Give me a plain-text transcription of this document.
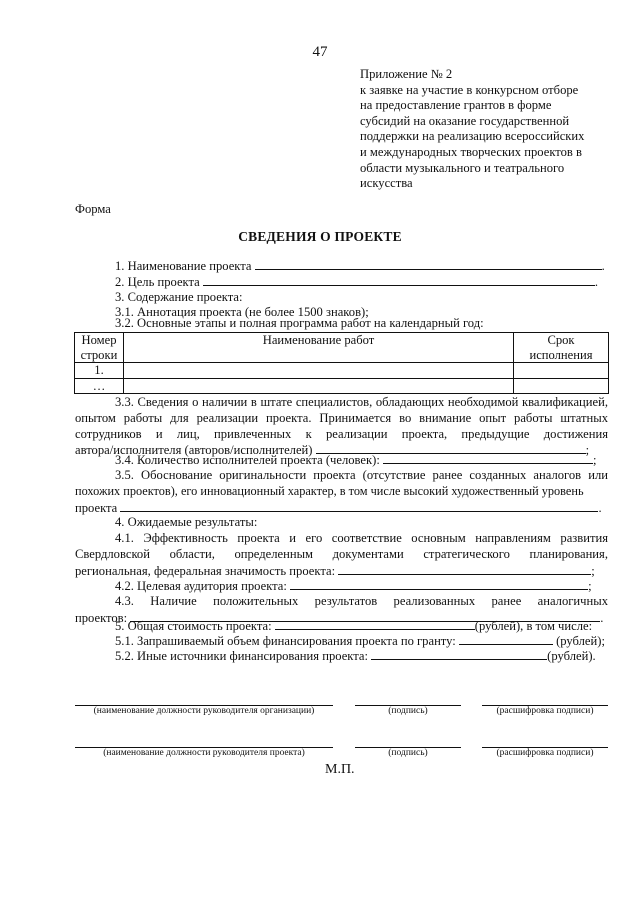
47
Приложение № 2
к заявке на участие в конкурсном отборе
на предоставление грантов в форме
субсидий на оказание государственной
поддержки на реализацию всероссийских
и международных творческих проектов в
области музыкального и театрального
искусства
Форма
СВЕДЕНИЯ О ПРОЕКТЕ
1. Наименование проекта	.
2. Цель проекта	.
3. Содержание проекта:
3.1. Аннотация проекта (не более 1500 знаков);
3.2. Основные этапы и полная программа работ на календарный год:
Номер строки	Наименование работ	Срок исполнения
1.		
…		
3.3. Сведения о наличии в штате специалистов, обладающих необходимой квалификацией,
опытом работы для реализации проекта. Принимается во внимание опыт работы штатных
сотрудников и лиц, привлеченных к реализации проекта, предыдущие достижения
автора/исполнителя (авторов/исполнителей)	;
3.4. Количество исполнителей проекта (человек):	;
3.5. Обоснование оригинальности проекта (отсутствие ранее созданных аналогов или
похожих проектов), его инновационный характер, в том числе высокий художественный уровень
проекта	.
4. Ожидаемые результаты:
4.1. Эффективность проекта и его соответствие основным направлениям развития
Свердловской области, определенным документами стратегического планирования,
региональная, федеральная значимость проекта:	;
4.2. Целевая аудитория проекта:	;
4.3. Наличие положительных результатов реализованных ранее аналогичных
проектов:	.
5. Общая стоимость проекта:	(рублей), в том числе:
5.1. Запрашиваемый объем финансирования проекта по гранту:	(рублей);
5.2. Иные источники финансирования проекта:	(рублей).
(наименование должности руководителя организации)	(подпись)	(расшифровка подписи)
(наименование должности руководителя проекта)	(подпись)	(расшифровка подписи)
М.П.
